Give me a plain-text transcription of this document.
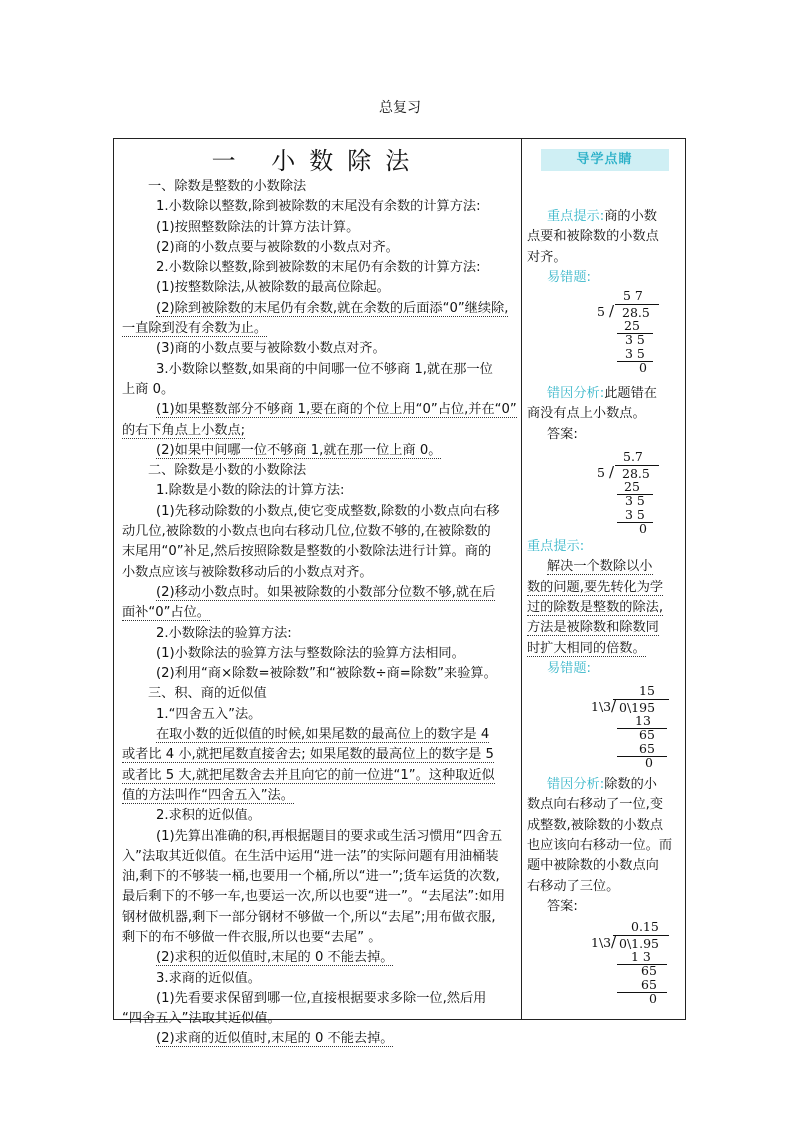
总复习
一 小数除法
一、除数是整数的小数除法
1.小数除以整数,除到被除数的末尾没有余数的计算方法:
(1)按照整数除法的计算方法计算。
(2)商的小数点要与被除数的小数点对齐。
2.小数除以整数,除到被除数的末尾仍有余数的计算方法:
(1)按整数除法,从被除数的最高位除起。
(2)除到被除数的末尾仍有余数,就在余数的后面添“0”继续除,
一直除到没有余数为止。
(3)商的小数点要与被除数小数点对齐。
3.小数除以整数,如果商的中间哪一位不够商 1,就在那一位
上商 0。
(1)如果整数部分不够商 1,要在商的个位上用“0”占位,并在“0”
的右下角点上小数点;
(2)如果中间哪一位不够商 1,就在那一位上商 0。
二、除数是小数的小数除法
1.除数是小数的除法的计算方法:
(1)先移动除数的小数点,使它变成整数,除数的小数点向右移
动几位,被除数的小数点也向右移动几位,位数不够的,在被除数的
末尾用“0”补足,然后按照除数是整数的小数除法进行计算。商的
小数点应该与被除数移动后的小数点对齐。
(2)移动小数点时。如果被除数的小数部分位数不够,就在后
面补“0”占位。
2.小数除法的验算方法:
(1)小数除法的验算方法与整数除法的验算方法相同。
(2)利用“商×除数=被除数”和“被除数÷商=除数”来验算。
三、积、商的近似值
1.“四舍五入”法。
在取小数的近似值的时候,如果尾数的最高位上的数字是 4
或者比 4 小,就把尾数直接舍去; 如果尾数的最高位上的数字是 5
或者比 5 大,就把尾数舍去并且向它的前一位进“1”。这种取近似
值的方法叫作“四舍五入”法。
2.求积的近似值。
(1)先算出准确的积,再根据题目的要求或生活习惯用“四舍五
入”法取其近似值。在生活中运用“进一法”的实际问题有用油桶装
油,剩下的不够装一桶,也要用一个桶,所以“进一”;货车运货的次数,
最后剩下的不够一车,也要运一次,所以也要“进一”。“去尾法”:如用
钢材做机器,剩下一部分钢材不够做一个,所以“去尾”;用布做衣服,
剩下的布不够做一件衣服,所以也要“去尾” 。
(2)求积的近似值时,末尾的 0 不能去掉。
3.求商的近似值。
(1)先看要求保留到哪一位,直接根据要求多除一位,然后用
“四舍五入”法取其近似值。
(2)求商的近似值时,末尾的 0 不能去掉。
导学点睛
重点提示:商的小数
点要和被除数的小数点
对齐。
易错题:
5 7
5 / 28.5
25
3 5
3 5
0
错因分析:此题错在
商没有点上小数点。
答案:
5.7
5 / 28.5
25
3 5
3 5
0
重点提示:
解决一个数除以小
数的问题,要先转化为学
过的除数是整数的除法,
方法是被除数和除数同
时扩大相同的倍数。
易错题:
15
1\3 / 0\195
13
65
65
0
错因分析:除数的小
数点向右移动了一位,变
成整数,被除数的小数点
也应该向右移动一位。而
题中被除数的小数点向
右移动了三位。
答案:
0.15
1\3 / 0\1.95
1 3
65
65
0
